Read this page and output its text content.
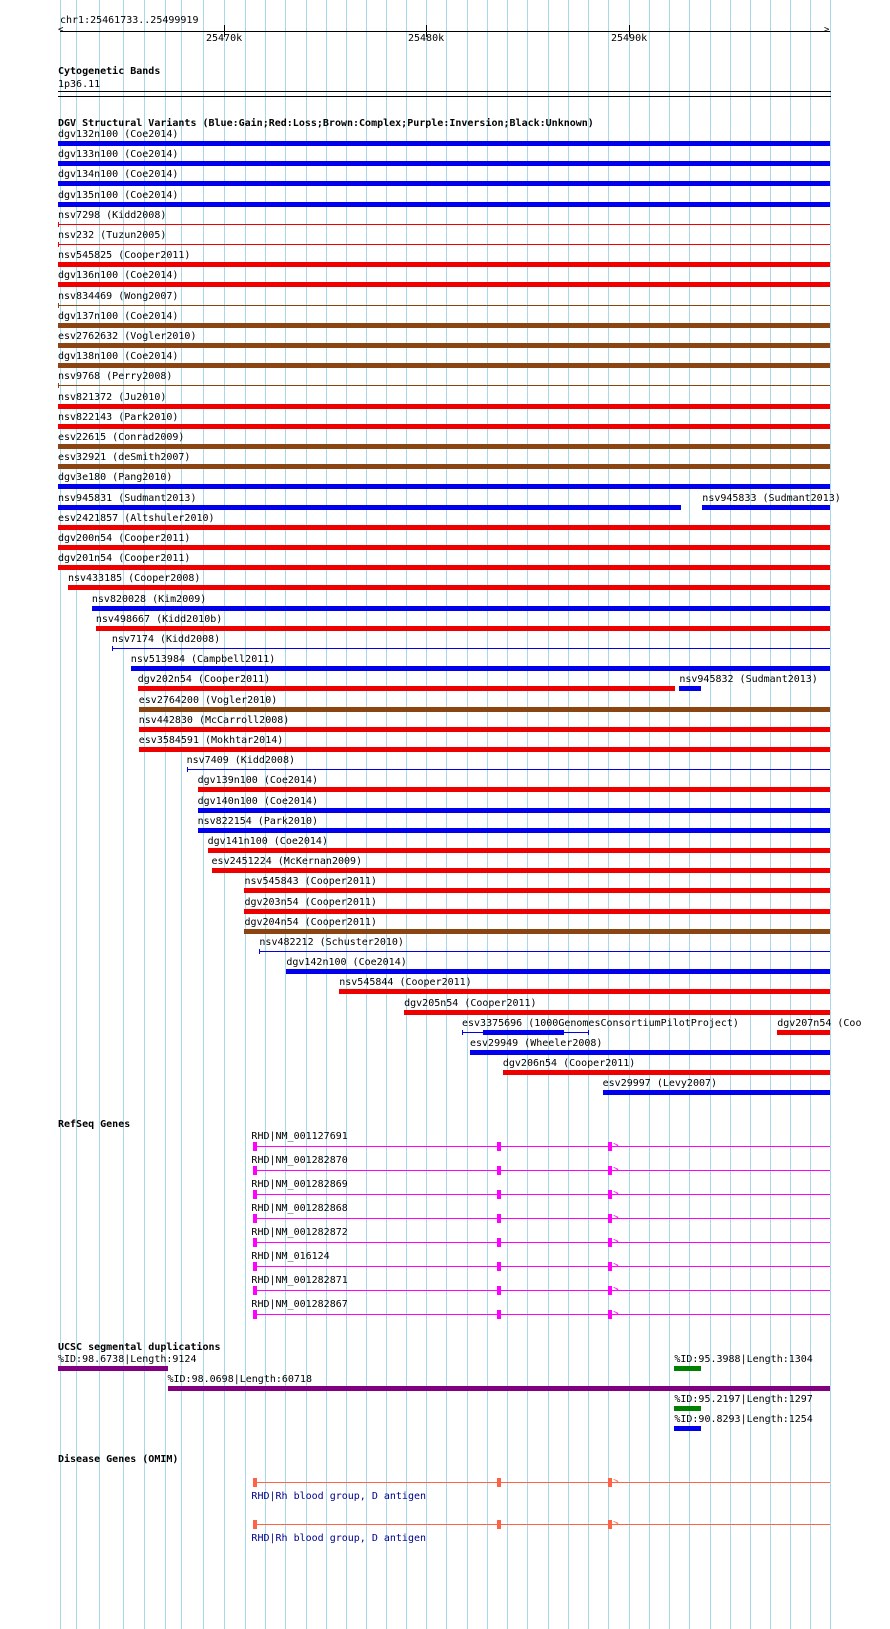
chr1:25461733..25499919
<	>
25470k	25480k	25490k
Cytogenetic Bands
1p36.11
DGV Structural Variants (Blue:Gain;Red:Loss;Brown:Complex;Purple:Inversion;Black:Unknown)
dgv132n100 (Coe2014)
dgv133n100 (Coe2014)
dgv134n100 (Coe2014)
dgv135n100 (Coe2014)
nsv7298 (Kidd2008)
nsv232 (Tuzun2005)
nsv545825 (Cooper2011)
dgv136n100 (Coe2014)
nsv834469 (Wong2007)
dgv137n100 (Coe2014)
esv2762632 (Vogler2010)
dgv138n100 (Coe2014)
nsv9768 (Perry2008)
nsv821372 (Ju2010)
nsv822143 (Park2010)
esv22615 (Conrad2009)
esv32921 (deSmith2007)
dgv3e180 (Pang2010)
nsv945831 (Sudmant2013)	nsv945833 (Sudmant2013)
esv2421857 (Altshuler2010)
dgv200n54 (Cooper2011)
dgv201n54 (Cooper2011)
nsv433185 (Cooper2008)
nsv820028 (Kim2009)
nsv498667 (Kidd2010b)
nsv7174 (Kidd2008)
nsv513984 (Campbell2011)
dgv202n54 (Cooper2011)	nsv945832 (Sudmant2013)
esv2764200 (Vogler2010)
nsv442830 (McCarroll2008)
esv3584591 (Mokhtar2014)
nsv7409 (Kidd2008)
dgv139n100 (Coe2014)
dgv140n100 (Coe2014)
nsv822154 (Park2010)
dgv141n100 (Coe2014)
esv2451224 (McKernan2009)
nsv545843 (Cooper2011)
dgv203n54 (Cooper2011)
dgv204n54 (Cooper2011)
nsv482212 (Schuster2010)
dgv142n100 (Coe2014)
nsv545844 (Cooper2011)
dgv205n54 (Cooper2011)
esv3375696 (1000GenomesConsortiumPilotProject)	dgv207n54 (Coo
esv29949 (Wheeler2008)
dgv206n54 (Cooper2011)
esv29997 (Levy2007)
RefSeq Genes
RHD|NM_001127691
>
RHD|NM_001282870
>
RHD|NM_001282869
>
RHD|NM_001282868
>
RHD|NM_001282872
>
RHD|NM_016124
>
RHD|NM_001282871
>
RHD|NM_001282867
>
UCSC segmental duplications
%ID:98.6738|Length:9124	%ID:95.3988|Length:1304
%ID:98.0698|Length:60718
%ID:95.2197|Length:1297
%ID:90.8293|Length:1254
Disease Genes (OMIM)
>
RHD|Rh blood group, D antigen
>
RHD|Rh blood group, D antigen
